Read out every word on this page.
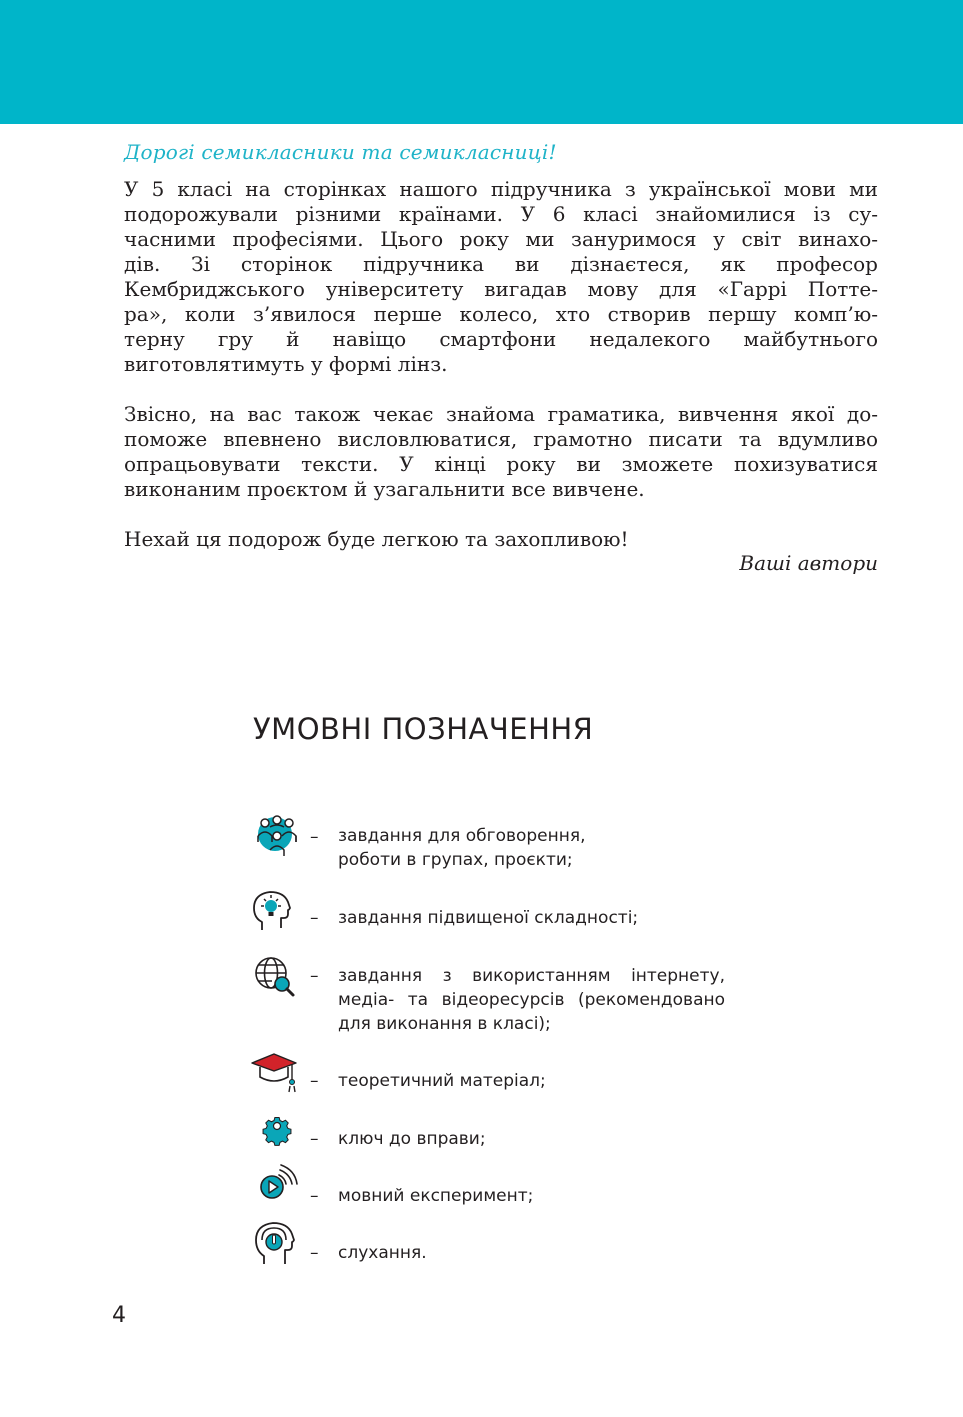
Дорогі семикласники та семикласниці!

У 5 класі на сторінках нашого підручника з української мови ми
подорожували різними країнами. У 6 класі знайомилися із су-
часними професіями. Цього року ми зануримося у світ винахо-
дів. Зі сторінок підручника ви дізнаєтеся, як професор
Кембриджського університету вигадав мову для «Гаррі Потте-
ра», коли з’явилося перше колесо, хто створив першу комп’ю-
терну гру й навіщо смартфони недалекого майбутнього
виготовлятимуть у формі лінз.

Звісно, на вас також чекає знайома граматика, вивчення якої до-
поможе впевнено висловлюватися, грамотно писати та вдумливо
опрацьовувати тексти. У кінці року ви зможете похизуватися
виконаним проєктом й узагальнити все вивчене.

Нехай ця подорож буде легкою та захопливою!

Ваші автори
УМОВНІ ПОЗНАЧЕННЯ
– завдання для обговорення,
роботи в групах, проєкти;

– завдання підвищеної складності;

– завдання з використанням інтернету,
медіа- та відеоресурсів (рекомендовано
для виконання в класі);

– теоретичний матеріал;

– ключ до вправи;

– мовний експеримент;

– слухання.

4
